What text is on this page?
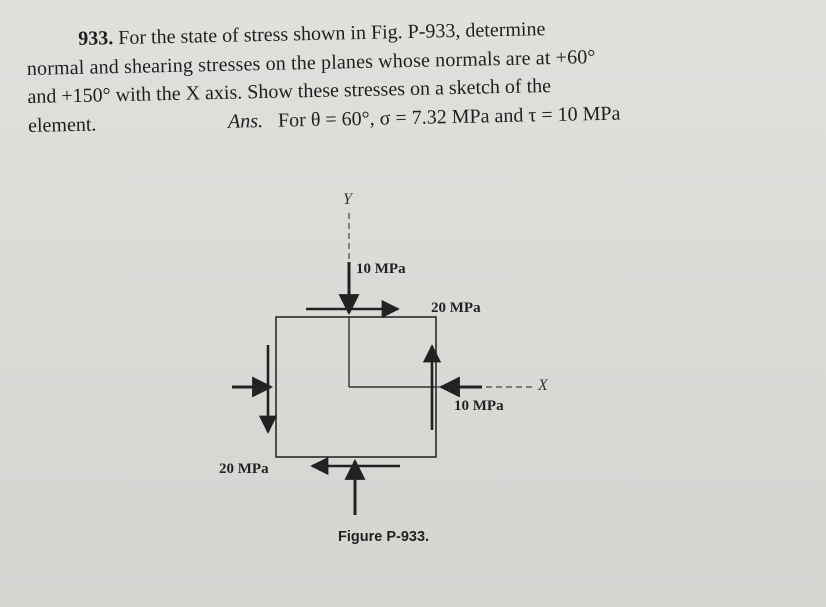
933. For the state of stress shown in Fig. P-933, determine
normal and shearing stresses on the planes whose normals are at +60°
and +150° with the X axis. Show these stresses on a sketch of the
element.	Ans. For θ = 60°, σ = 7.32 MPa and τ = 10 MPa
Y
X
10 MPa
20 MPa
10 MPa
20 MPa
Figure P-933.
